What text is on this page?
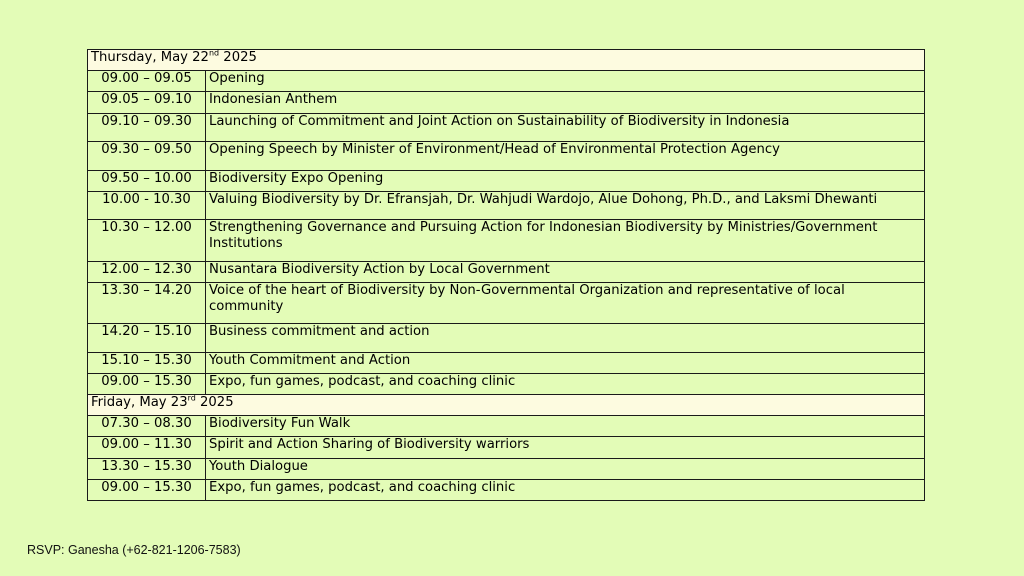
Thursday, May 22nd 2025	
09.00 – 09.05	Opening
09.05 – 09.10	Indonesian Anthem
09.10 – 09.30	Launching of Commitment and Joint Action on Sustainability of Biodiversity in Indonesia
09.30 – 09.50	Opening Speech by Minister of Environment/Head of Environmental Protection Agency
09.50 – 10.00	Biodiversity Expo Opening
10.00 - 10.30	Valuing Biodiversity by Dr. Efransjah, Dr. Wahjudi Wardojo, Alue Dohong, Ph.D., and Laksmi Dhewanti
10.30 – 12.00	Strengthening Governance and Pursuing Action for Indonesian Biodiversity by Ministries/Government Institutions
12.00 – 12.30	Nusantara Biodiversity Action by Local Government
13.30 – 14.20	Voice of the heart of Biodiversity by Non-Governmental Organization and representative of local community
14.20 – 15.10	Business commitment and action
15.10 – 15.30	Youth Commitment and Action
09.00 – 15.30	Expo, fun games, podcast, and coaching clinic
Friday, May 23rd 2025	
07.30 – 08.30	Biodiversity Fun Walk
09.00 – 11.30	Spirit and Action Sharing of Biodiversity warriors
13.30 – 15.30	Youth Dialogue
09.00 – 15.30	Expo, fun games, podcast, and coaching clinic
RSVP: Ganesha (+62-821-1206-7583)
